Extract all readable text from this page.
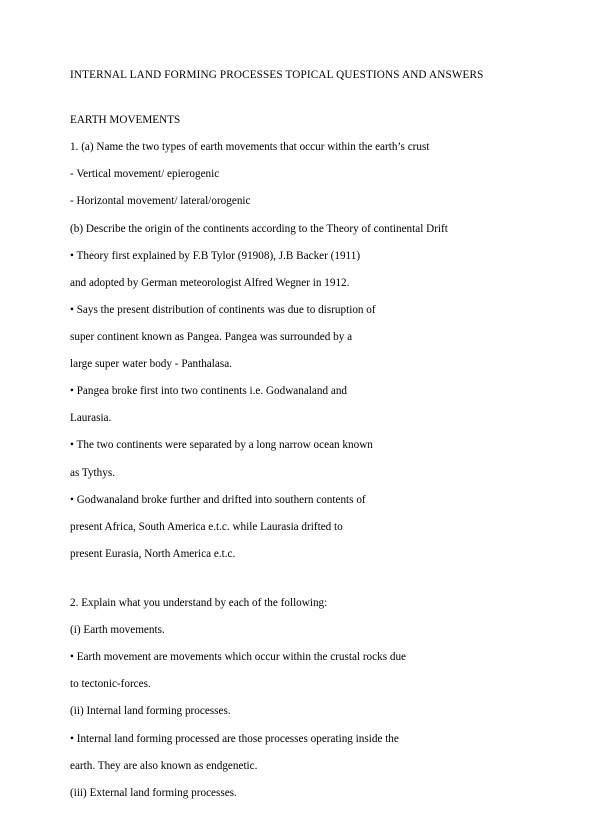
INTERNAL LAND FORMING PROCESSES TOPICAL QUESTIONS AND ANSWERS
EARTH MOVEMENTS
1. (a) Name the two types of earth movements that occur within the earth’s crust
- Vertical movement/ epierogenic
- Horizontal movement/ lateral/orogenic
(b) Describe the origin of the continents according to the Theory of continental Drift
• Theory first explained by F.B Tylor (91908), J.B Backer (1911)
and adopted by German meteorologist Alfred Wegner in 1912.
• Says the present distribution of continents was due to disruption of
super continent known as Pangea. Pangea was surrounded by a
large super water body - Panthalasa.
• Pangea broke first into two continents i.e. Godwanaland and
Laurasia.
• The two continents were separated by a long narrow ocean known
as Tythys.
• Godwanaland broke further and drifted into southern contents of
present Africa, South America e.t.c. while Laurasia drifted to
present Eurasia, North America e.t.c.
2. Explain what you understand by each of the following:
(i) Earth movements.
• Earth movement are movements which occur within the crustal rocks due
to tectonic-forces.
(ii) Internal land forming processes.
• Internal land forming processed are those processes operating inside the
earth. They are also known as endgenetic.
(iii) External land forming processes.
